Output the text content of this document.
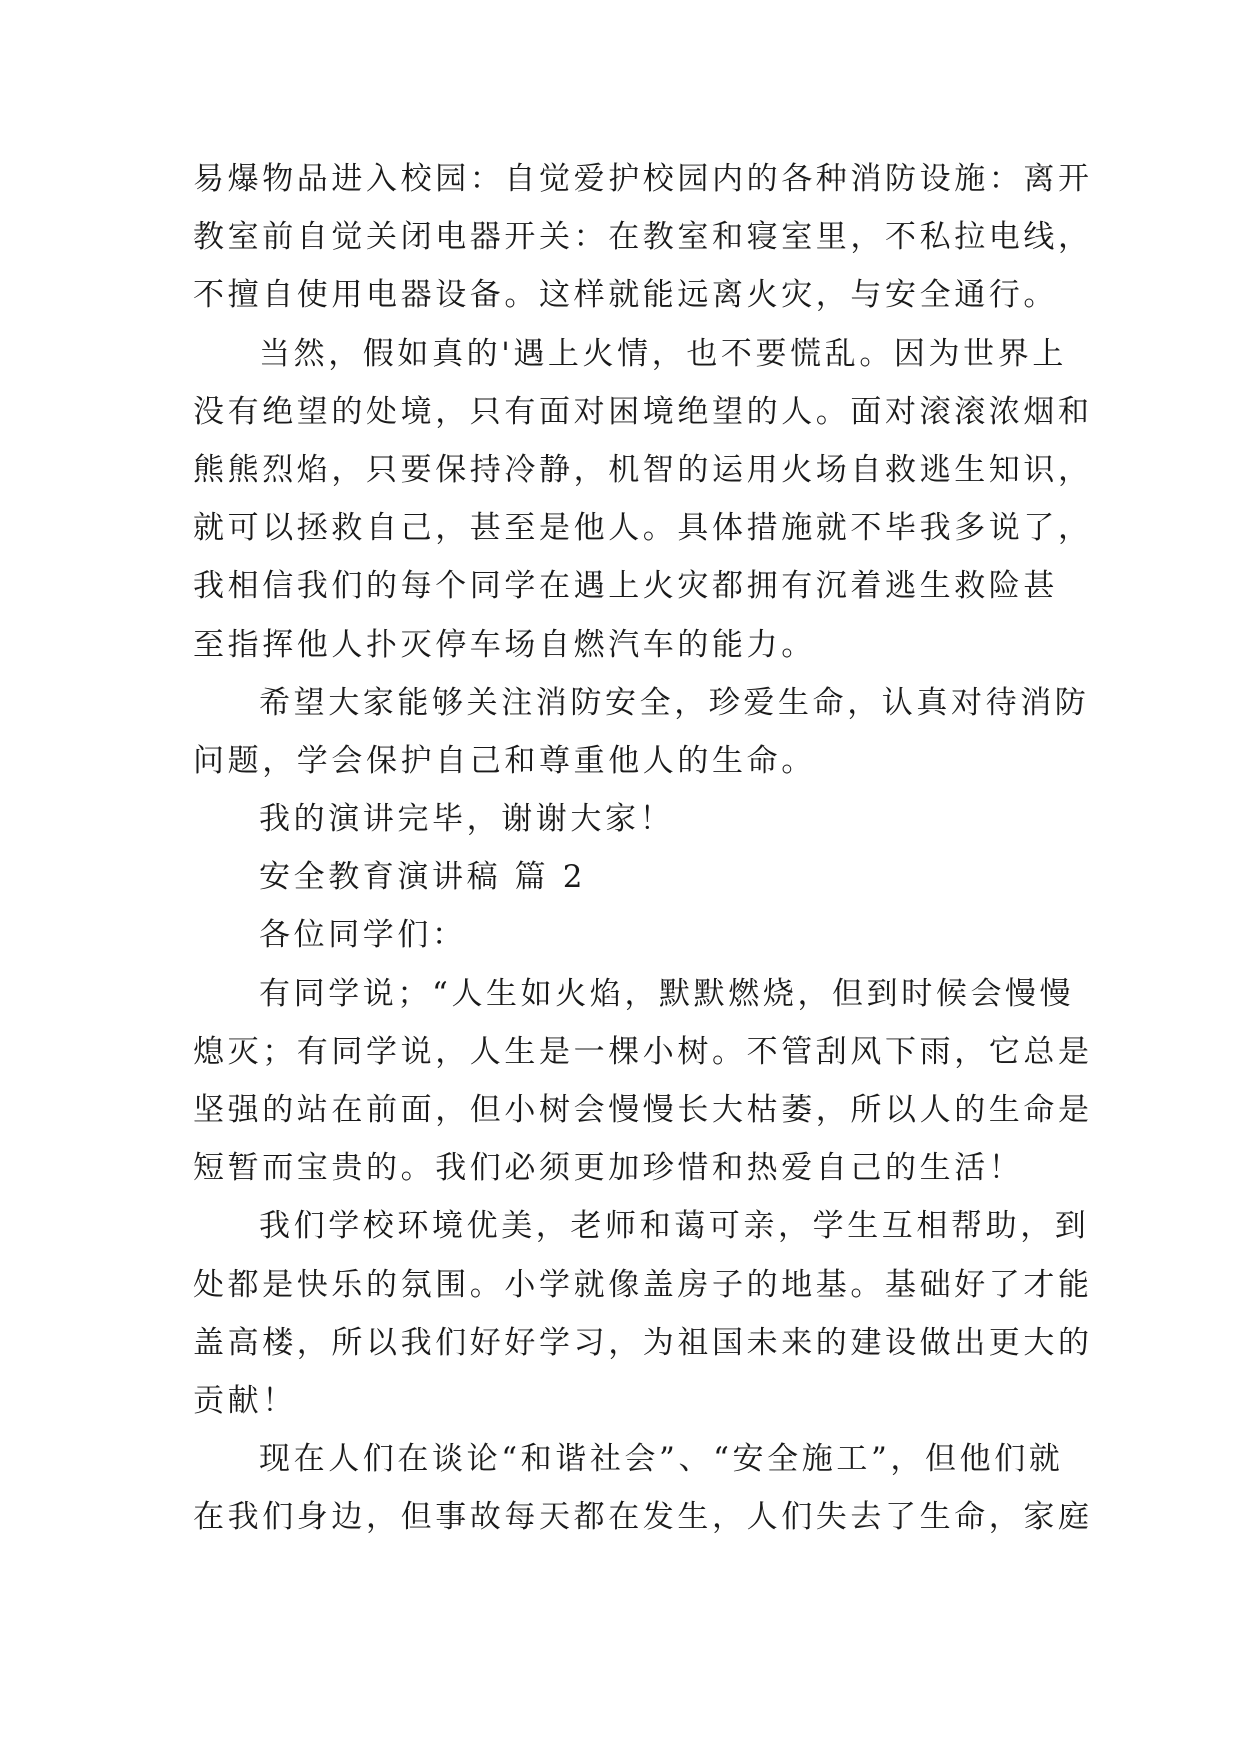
易爆物品进入校园：自觉爱护校园内的各种消防设施：离开
教室前自觉关闭电器开关：在教室和寝室里，不私拉电线，
不擅自使用电器设备。这样就能远离火灾，与安全通行。
当然，假如真的'遇上火情，也不要慌乱。因为世界上
没有绝望的处境，只有面对困境绝望的人。面对滚滚浓烟和
熊熊烈焰，只要保持冷静，机智的运用火场自救逃生知识，
就可以拯救自己，甚至是他人。具体措施就不毕我多说了，
我相信我们的每个同学在遇上火灾都拥有沉着逃生救险甚
至指挥他人扑灭停车场自燃汽车的能力。
希望大家能够关注消防安全，珍爱生命，认真对待消防
问题，学会保护自己和尊重他人的生命。
我的演讲完毕，谢谢大家！
安全教育演讲稿 篇 2
各位同学们：
有同学说；“人生如火焰，默默燃烧，但到时候会慢慢
熄灭；有同学说，人生是一棵小树。不管刮风下雨，它总是
坚强的站在前面，但小树会慢慢长大枯萎，所以人的生命是
短暂而宝贵的。我们必须更加珍惜和热爱自己的生活！
我们学校环境优美，老师和蔼可亲，学生互相帮助，到
处都是快乐的氛围。小学就像盖房子的地基。基础好了才能
盖高楼，所以我们好好学习，为祖国未来的建设做出更大的
贡献！
现在人们在谈论“和谐社会”、“安全施工”，但他们就
在我们身边，但事故每天都在发生，人们失去了生命，家庭
